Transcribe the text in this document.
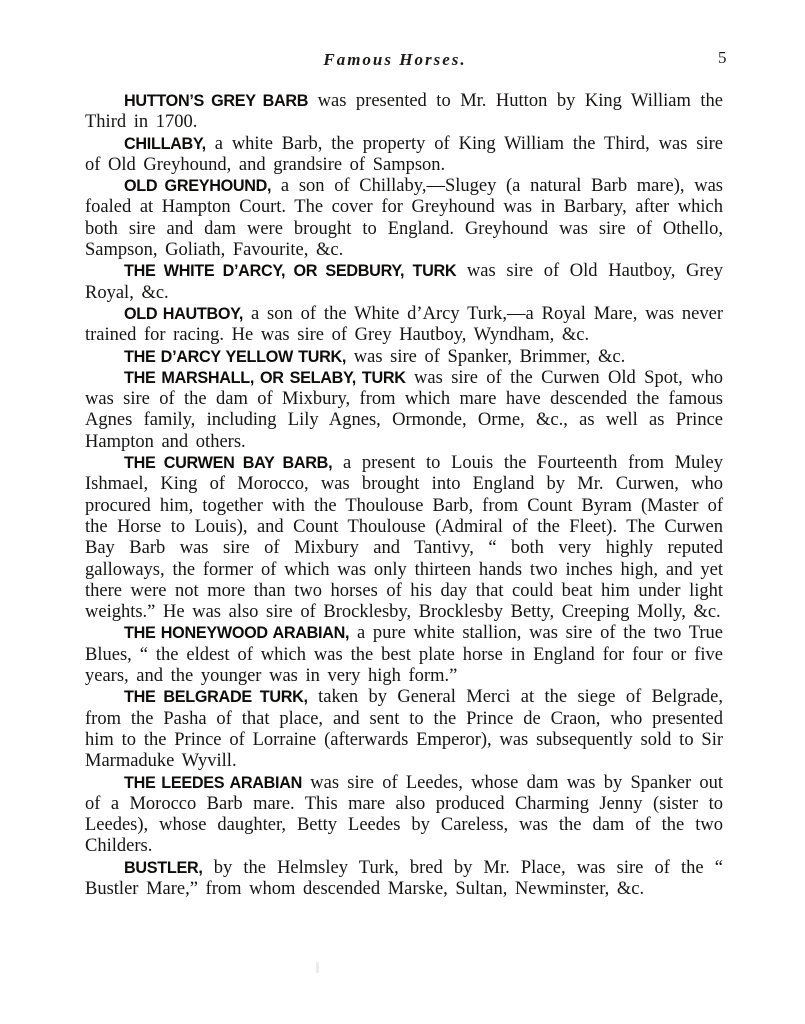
Famous Horses.	5

HUTTON’S GREY BARB was presented to Mr. Hutton by King William the Third in 1700.

CHILLABY, a white Barb, the property of King William the Third, was sire of Old Greyhound, and grandsire of Sampson.

OLD GREYHOUND, a son of Chillaby,—Slugey (a natural Barb mare), was foaled at Hampton Court. The cover for Greyhound was in Barbary, after which both sire and dam were brought to England. Greyhound was sire of Othello, Sampson, Goliath, Favourite, &c.

THE WHITE D’ARCY, OR SEDBURY, TURK was sire of Old Hautboy, Grey Royal, &c.

OLD HAUTBOY, a son of the White d’Arcy Turk,—a Royal Mare, was never trained for racing. He was sire of Grey Hautboy, Wyndham, &c.

THE D’ARCY YELLOW TURK, was sire of Spanker, Brimmer, &c.

THE MARSHALL, OR SELABY, TURK was sire of the Curwen Old Spot, who was sire of the dam of Mixbury, from which mare have descended the famous Agnes family, including Lily Agnes, Ormonde, Orme, &c., as well as Prince Hampton and others.

THE CURWEN BAY BARB, a present to Louis the Fourteenth from Muley Ishmael, King of Morocco, was brought into England by Mr. Curwen, who procured him, together with the Thoulouse Barb, from Count Byram (Master of the Horse to Louis), and Count Thoulouse (Admiral of the Fleet). The Curwen Bay Barb was sire of Mixbury and Tantivy, “ both very highly reputed galloways, the former of which was only thirteen hands two inches high, and yet there were not more than two horses of his day that could beat him under light weights.” He was also sire of Brocklesby, Brocklesby Betty, Creeping Molly, &c.

THE HONEYWOOD ARABIAN, a pure white stallion, was sire of the two True Blues, “ the eldest of which was the best plate horse in England for four or five years, and the younger was in very high form.”

THE BELGRADE TURK, taken by General Merci at the siege of Belgrade, from the Pasha of that place, and sent to the Prince de Craon, who presented him to the Prince of Lorraine (afterwards Emperor), was subsequently sold to Sir Marmaduke Wyvill.

THE LEEDES ARABIAN was sire of Leedes, whose dam was by Spanker out of a Morocco Barb mare. This mare also produced Charming Jenny (sister to Leedes), whose daughter, Betty Leedes by Careless, was the dam of the two Childers.

BUSTLER, by the Helmsley Turk, bred by Mr. Place, was sire of the “ Bustler Mare,” from whom descended Marske, Sultan, Newminster, &c.
